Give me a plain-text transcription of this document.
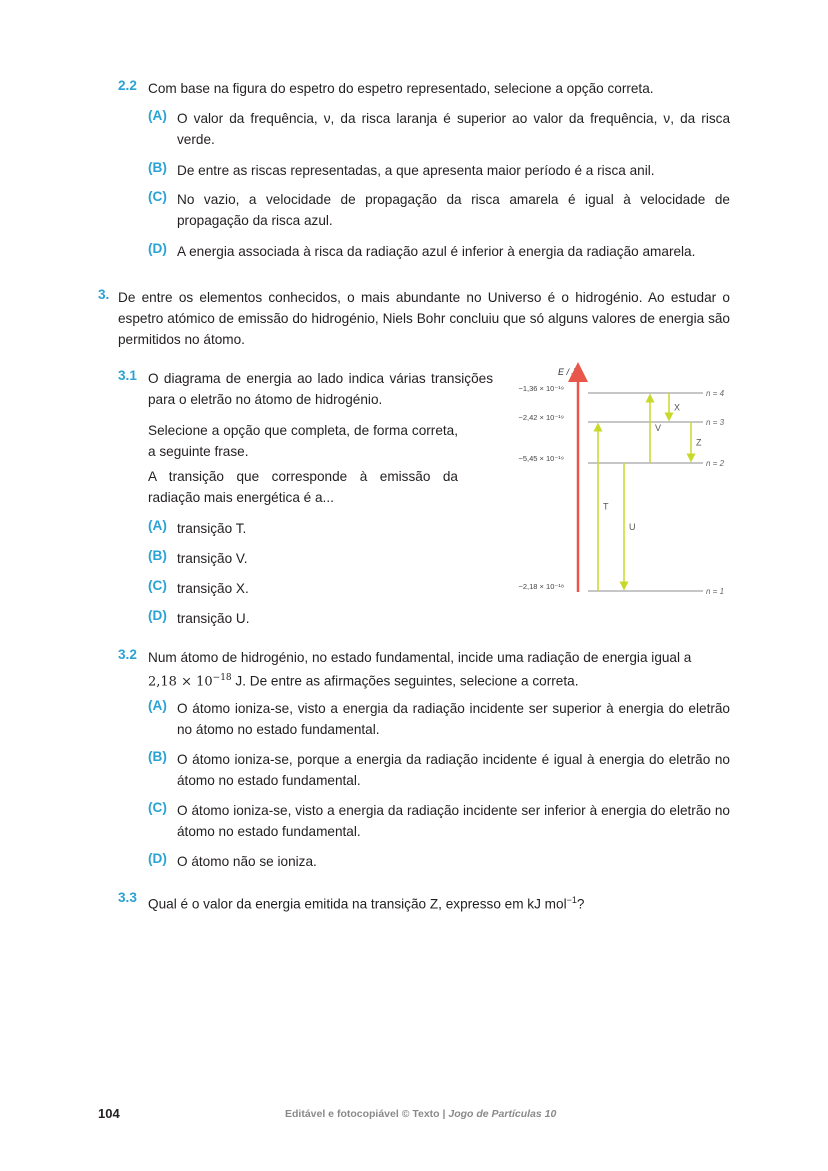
2.2 Com base na figura do espetro do espetro representado, selecione a opção correta.
(A) O valor da frequência, ν, da risca laranja é superior ao valor da frequência, ν, da risca verde.
(B) De entre as riscas representadas, a que apresenta maior período é a risca anil.
(C) No vazio, a velocidade de propagação da risca amarela é igual à velocidade de propagação da risca azul.
(D) A energia associada à risca da radiação azul é inferior à energia da radiação amarela.
3. De entre os elementos conhecidos, o mais abundante no Universo é o hidrogénio. Ao estudar o espetro atómico de emissão do hidrogénio, Niels Bohr concluiu que só alguns valores de energia são permitidos no átomo.
3.1 O diagrama de energia ao lado indica várias transições para o eletrão no átomo de hidrogénio.
Selecione a opção que completa, de forma correta, a seguinte frase.
A transição que corresponde à emissão da radiação mais energética é a...
(A) transição T.
(B) transição V.
(C) transição X.
(D) transição U.
E / J
−1,36 × 10⁻¹⁹
n = 4
−2,42 × 10⁻¹⁹
n = 3
−5,45 × 10⁻¹⁹
n = 2
−2,18 × 10⁻¹⁸
n = 1
T
U
V
X
Z
3.2 Num átomo de hidrogénio, no estado fundamental, incide uma radiação de energia igual a
$2,18 \times 10^{-18}$ J. De entre as afirmações seguintes, selecione a correta.
(A) O átomo ioniza-se, visto a energia da radiação incidente ser superior à energia do eletrão no átomo no estado fundamental.
(B) O átomo ioniza-se, porque a energia da radiação incidente é igual à energia do eletrão no átomo no estado fundamental.
(C) O átomo ioniza-se, visto a energia da radiação incidente ser inferior à energia do eletrão no átomo no estado fundamental.
(D) O átomo não se ioniza.
3.3 Qual é o valor da energia emitida na transição Z, expresso em kJ mol$^{-1}$?
104	Editável e fotocopiável © Texto | Jogo de Partículas 10
